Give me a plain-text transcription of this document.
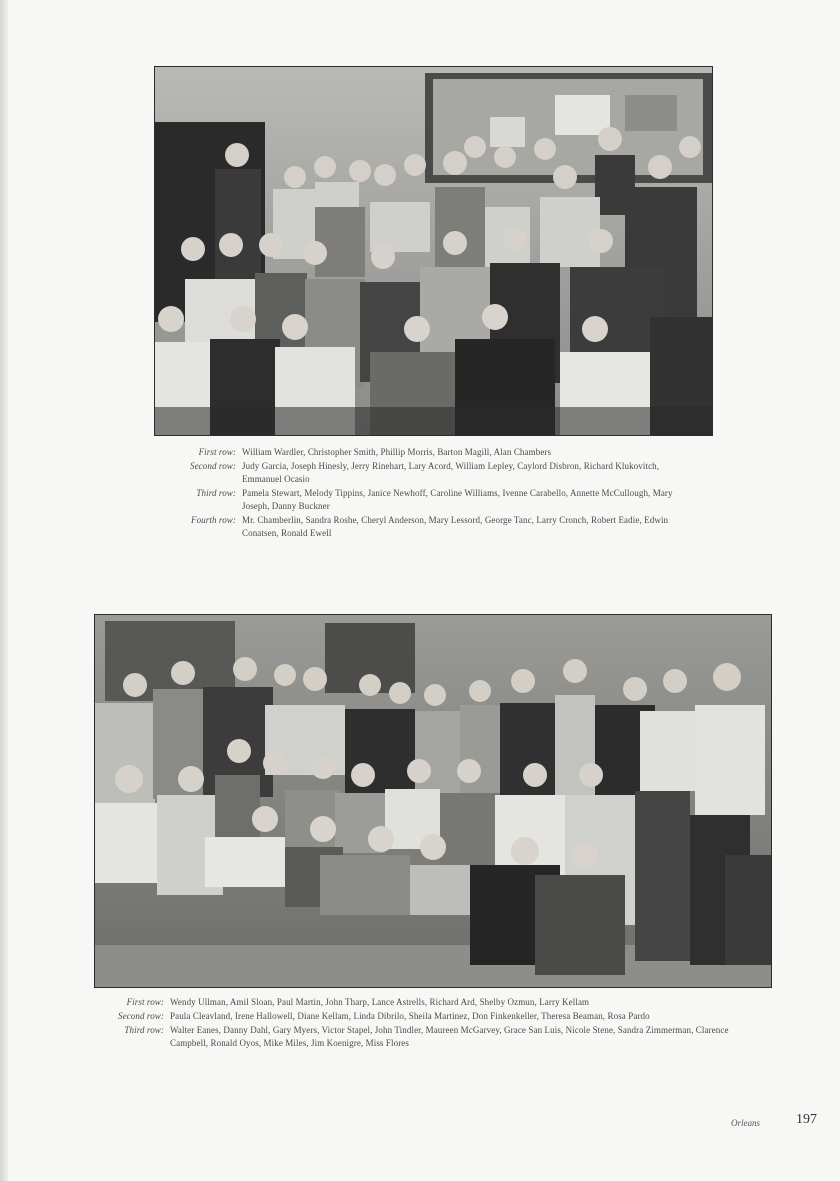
First row: William Wardler, Christopher Smith, Phillip Morris, Barton Magill, Alan Chambers
Second row: Judy Garcia, Joseph Hinesly, Jerry Rinehart, Lary Acord, William Lepley, Caylord Disbron, Richard Klukovitch, Emmanuel Ocasio
Third row: Pamela Stewart, Melody Tippins, Janice Newhoff, Caroline Williams, Ivenne Carabello, Annette McCullough, Mary Joseph, Danny Buckner
Fourth row: Mr. Chamberlin, Sandra Roshe, Cheryl Anderson, Mary Lessord, George Tanc, Larry Cronch, Robert Eadie, Edwin Conatsen, Ronald Ewell
First row: Wendy Ullman, Amil Sloan, Paul Martin, John Tharp, Lance Astrells, Richard Ard, Shelby Ozmun, Larry Kellam
Second row: Paula Cleavland, Irene Hallowell, Diane Kellam, Linda Dibrilo, Sheila Martinez, Don Finkenkeller, Theresa Beaman, Rosa Pardo
Third row: Walter Eanes, Danny Dahl, Gary Myers, Victor Stapel, John Tindler, Maureen McGarvey, Grace San Luis, Nicole Stene, Sandra Zimmerman, Clarence Campbell, Ronald Oyos, Mike Miles, Jim Koenigre, Miss Flores
Orleans	197
